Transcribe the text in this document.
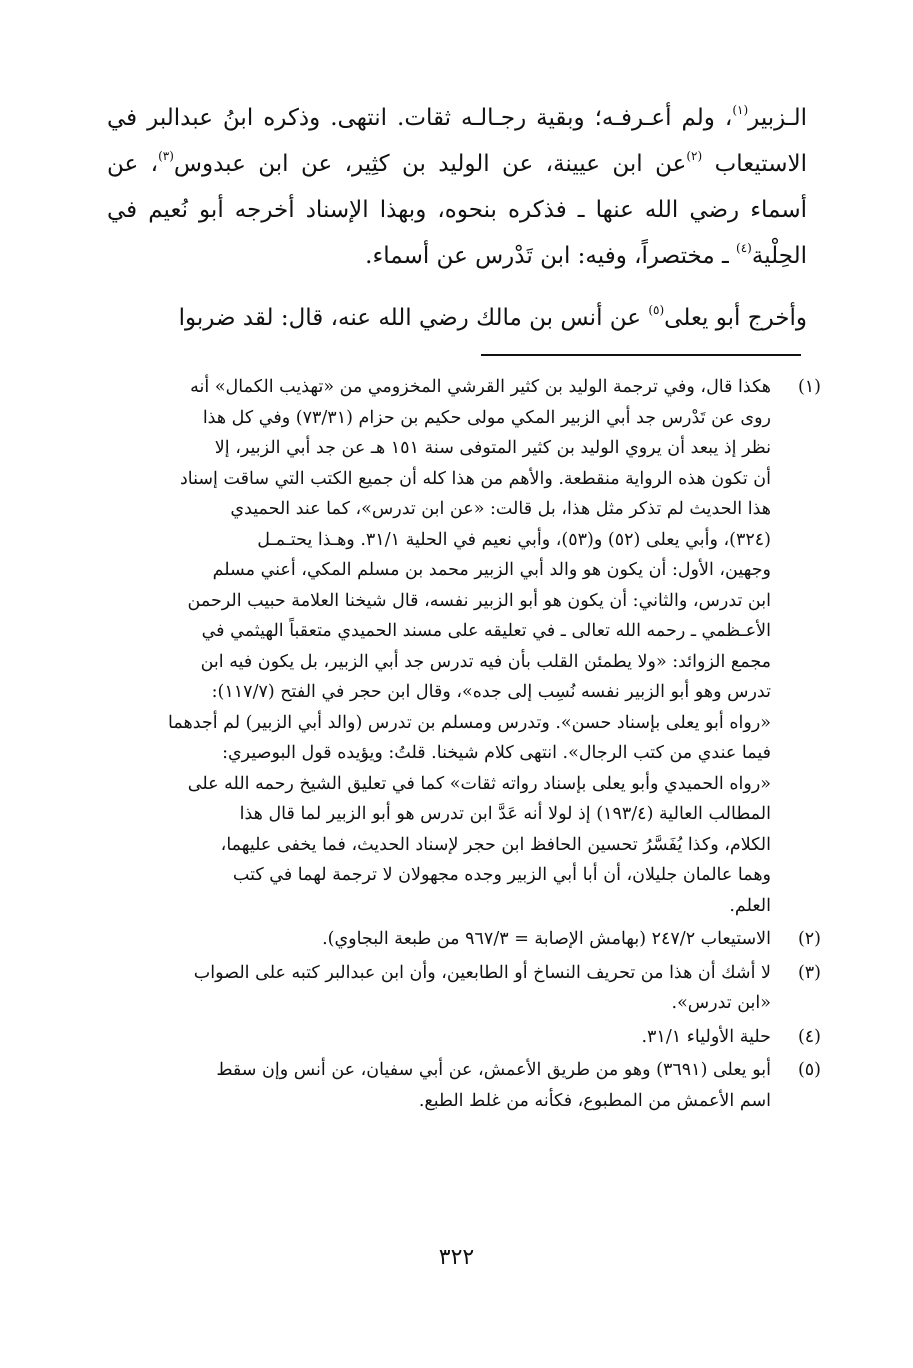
الـزبير$^{(١)}$، ولم أعـرفـه؛ وبقية رجـالـه ثقات. انتهى. وذكره ابنُ عبدالبر في الاستيعاب $^{(٢)}$عن ابن عيينة، عن الوليد بن كثِير، عن ابن عبدوس$^{(٣)}$، عن أسماء رضي الله عنها ـ فذكره بنحوه، وبهذا الإسناد أخرجه أبو نُعيم في الحِلْية$^{(٤)}$ ـ مختصراً، وفيه: ابن تَدْرس عن أسماء.

وأخرج أبو يعلى$^{(٥)}$ عن أنس بن مالك رضي الله عنه، قال: لقد ضربوا

(١)
هكذا قال، وفي ترجمة الوليد بن كثير القرشي المخزومي من «تهذيب الكمال» أنه
روى عن تَدْرس جد أبي الزبير المكي مولى حكيم بن حزام (٧٣/٣١) وفي كل هذا
نظر إذ يبعد أن يروي الوليد بن كثير المتوفى سنة ١٥١ هـ عن جد أبي الزبير، إلا
أن تكون هذه الرواية منقطعة. والأهم من هذا كله أن جميع الكتب التي ساقت إسناد
هذا الحديث لم تذكر مثل هذا، بل قالت: «عن ابن تدرس»، كما عند الحميدي
(٣٢٤)، وأبي يعلى (٥٢) و(٥٣)، وأبي نعيم في الحلية ٣١/١. وهـذا يحتـمـل
وجهين، الأول: أن يكون هو والد أبي الزبير محمد بن مسلم المكي، أعني مسلم
ابن تدرس، والثاني: أن يكون هو أبو الزبير نفسه، قال شيخنا العلامة حبيب الرحمن
الأعـظمي ـ رحمه الله تعالى ـ في تعليقه على مسند الحميدي متعقباً الهيثمي في
مجمع الزوائد: «ولا يطمئن القلب بأن فيه تدرس جد أبي الزبير، بل يكون فيه ابن
تدرس وهو أبو الزبير نفسه نُسِب إلى جده»، وقال ابن حجر في الفتح (١١٧/٧):
«رواه أبو يعلى بإسناد حسن». وتدرس ومسلم بن تدرس (والد أبي الزبير) لم أجدهما
فيما عندي من كتب الرجال». انتهى كلام شيخنا. قلتُ: ويؤيده قول البوصيري:
«رواه الحميدي وأبو يعلى بإسناد رواته ثقات» كما في تعليق الشيخ رحمه الله على
المطالب العالية (١٩٣/٤) إذ لولا أنه عَدَّ ابن تدرس هو أبو الزبير لما قال هذا
الكلام، وكذا يُفَسَّرُ تحسين الحافظ ابن حجر لإسناد الحديث، فما يخفى عليهما،
وهما عالمان جليلان، أن أبا أبي الزبير وجده مجهولان لا ترجمة لهما في كتب
العلم.
(٢)
الاستيعاب ٢٤٧/٢ (بهامش الإصابة = ٩٦٧/٣ من طبعة البجاوي).
(٣)
لا أشك أن هذا من تحريف النساخ أو الطابعين، وأن ابن عبدالبر كتبه على الصواب
«ابن تدرس».
(٤)
حلية الأولياء ٣١/١.
(٥)
أبو يعلى (٣٦٩١) وهو من طريق الأعمش، عن أبي سفيان، عن أنس وإن سقط
اسم الأعمش من المطبوع، فكأنه من غلط الطبع.
٣٢٢
